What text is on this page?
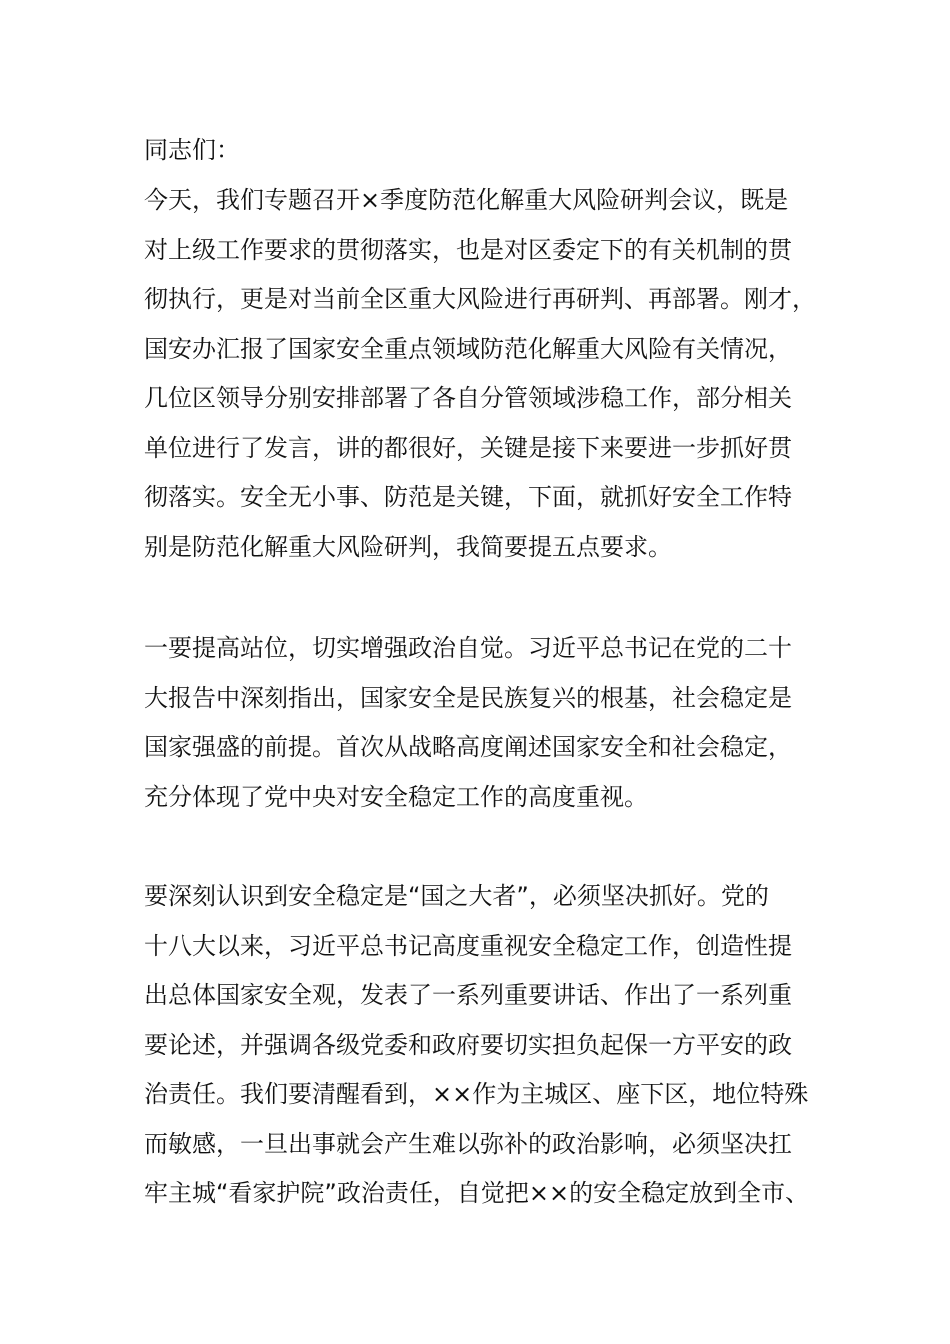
同志们：
今天，我们专题召开×季度防范化解重大风险研判会议，既是
对上级工作要求的贯彻落实，也是对区委定下的有关机制的贯
彻执行，更是对当前全区重大风险进行再研判、再部署。刚才，
国安办汇报了国家安全重点领域防范化解重大风险有关情况，
几位区领导分别安排部署了各自分管领域涉稳工作，部分相关
单位进行了发言，讲的都很好，关键是接下来要进一步抓好贯
彻落实。安全无小事、防范是关键，下面，就抓好安全工作特
别是防范化解重大风险研判，我简要提五点要求。
一要提高站位，切实增强政治自觉。习近平总书记在党的二十
大报告中深刻指出，国家安全是民族复兴的根基，社会稳定是
国家强盛的前提。首次从战略高度阐述国家安全和社会稳定，
充分体现了党中央对安全稳定工作的高度重视。
要深刻认识到安全稳定是“国之大者”，必须坚决抓好。党的
十八大以来，习近平总书记高度重视安全稳定工作，创造性提
出总体国家安全观，发表了一系列重要讲话、作出了一系列重
要论述，并强调各级党委和政府要切实担负起保一方平安的政
治责任。我们要清醒看到，××作为主城区、座下区，地位特殊
而敏感，一旦出事就会产生难以弥补的政治影响，必须坚决扛
牢主城“看家护院”政治责任，自觉把××的安全稳定放到全市、
